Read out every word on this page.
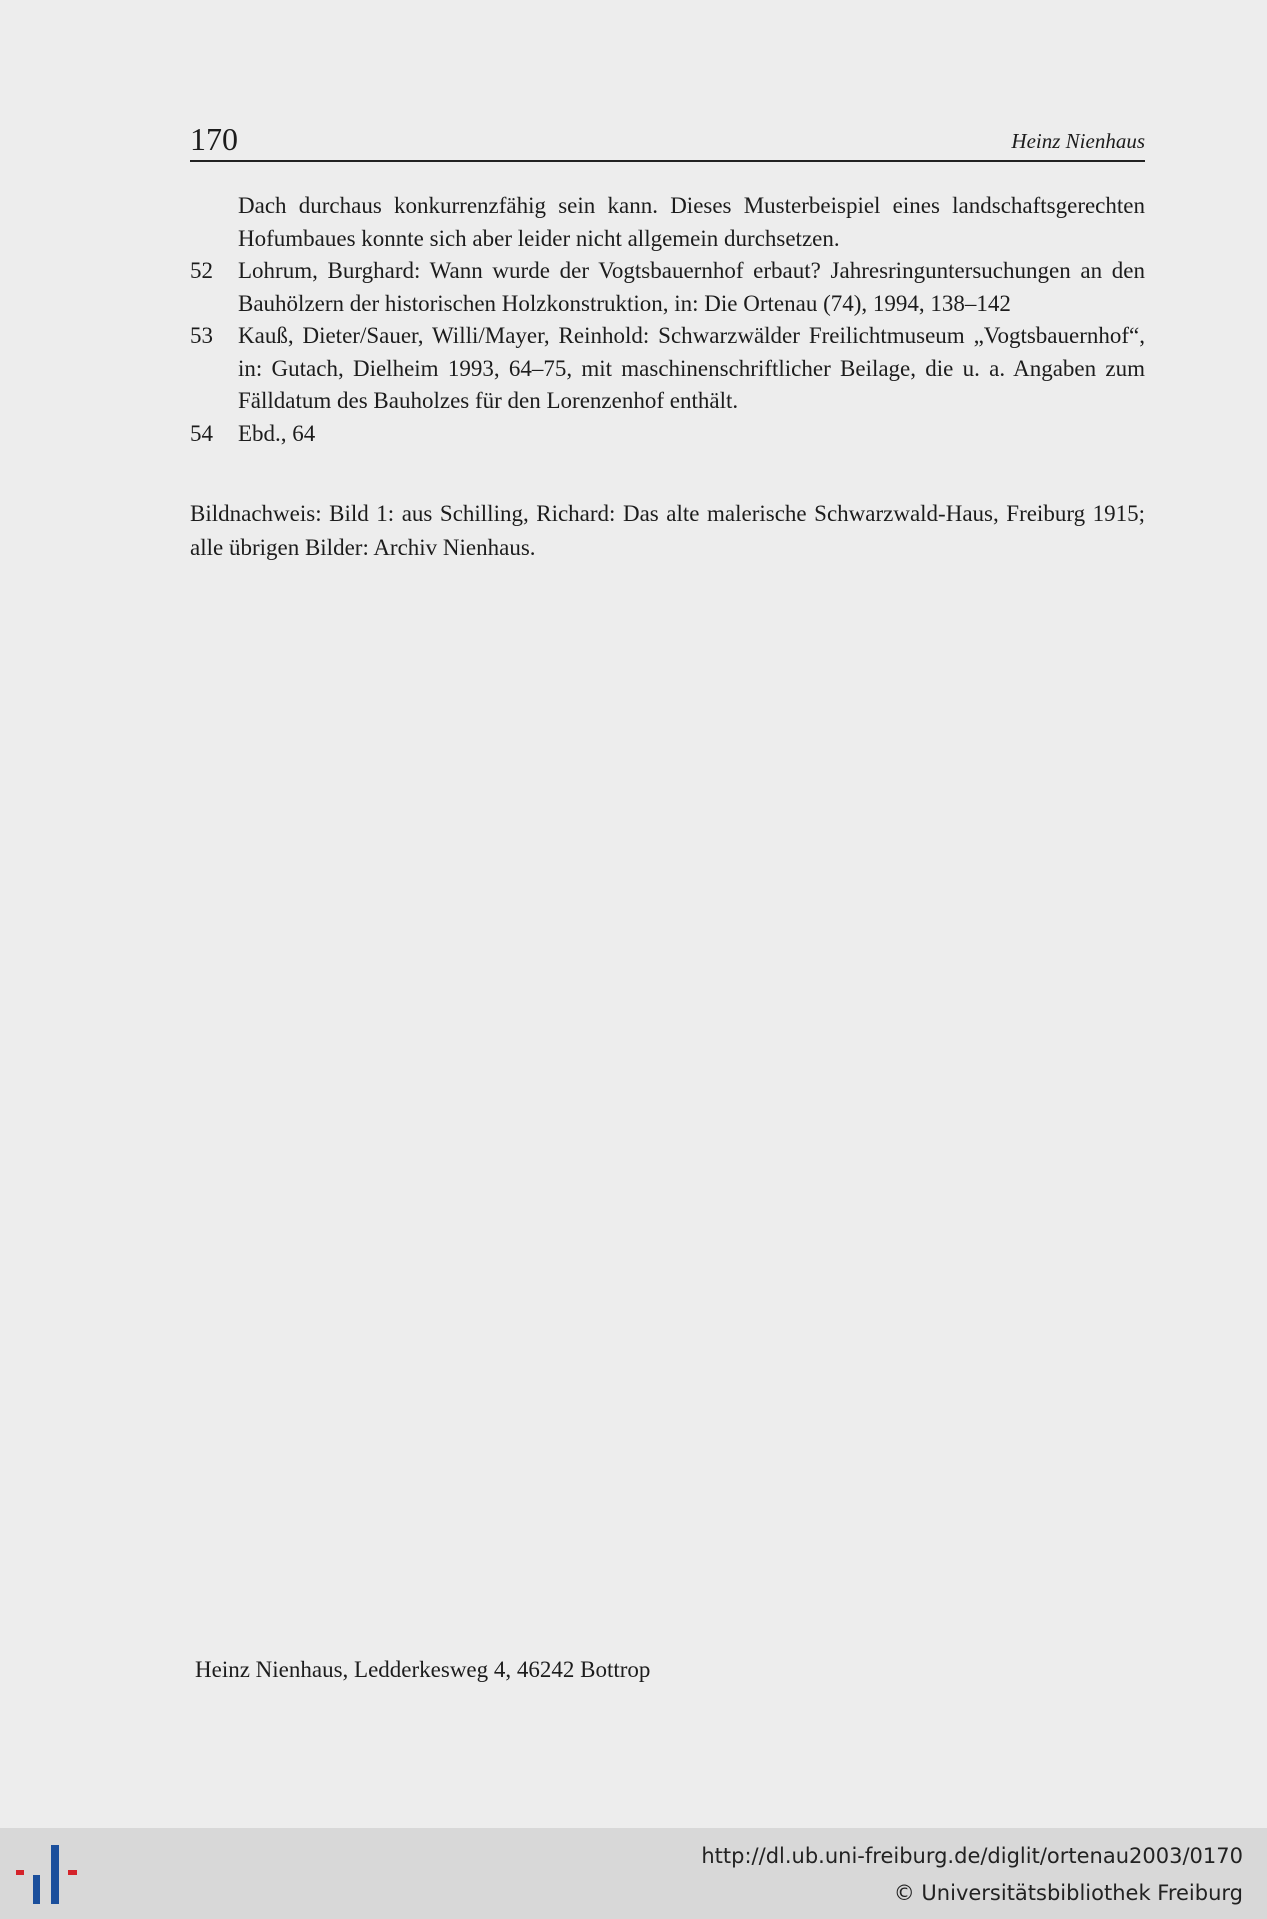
170	Heinz Nienhaus
Dach durchaus konkurrenzfähig sein kann. Dieses Musterbeispiel eines landschaftsgerechten Hofumbaues konnte sich aber leider nicht allgemein durchsetzen.
52	Lohrum, Burghard: Wann wurde der Vogtsbauernhof erbaut? Jahresringuntersuchungen an den Bauhölzern der historischen Holzkonstruktion, in: Die Ortenau (74), 1994, 138–142
53	Kauß, Dieter/Sauer, Willi/Mayer, Reinhold: Schwarzwälder Freilichtmuseum „Vogtsbauernhof“, in: Gutach, Dielheim 1993, 64–75, mit maschinenschriftlicher Beilage, die u. a. Angaben zum Fälldatum des Bauholzes für den Lorenzenhof enthält.
54	Ebd., 64
Bildnachweis: Bild 1: aus Schilling, Richard: Das alte malerische Schwarzwald-Haus, Freiburg 1915; alle übrigen Bilder: Archiv Nienhaus.
Heinz Nienhaus, Ledderkesweg 4, 46242 Bottrop
http://dl.ub.uni-freiburg.de/diglit/ortenau2003/0170
© Universitätsbibliothek Freiburg
